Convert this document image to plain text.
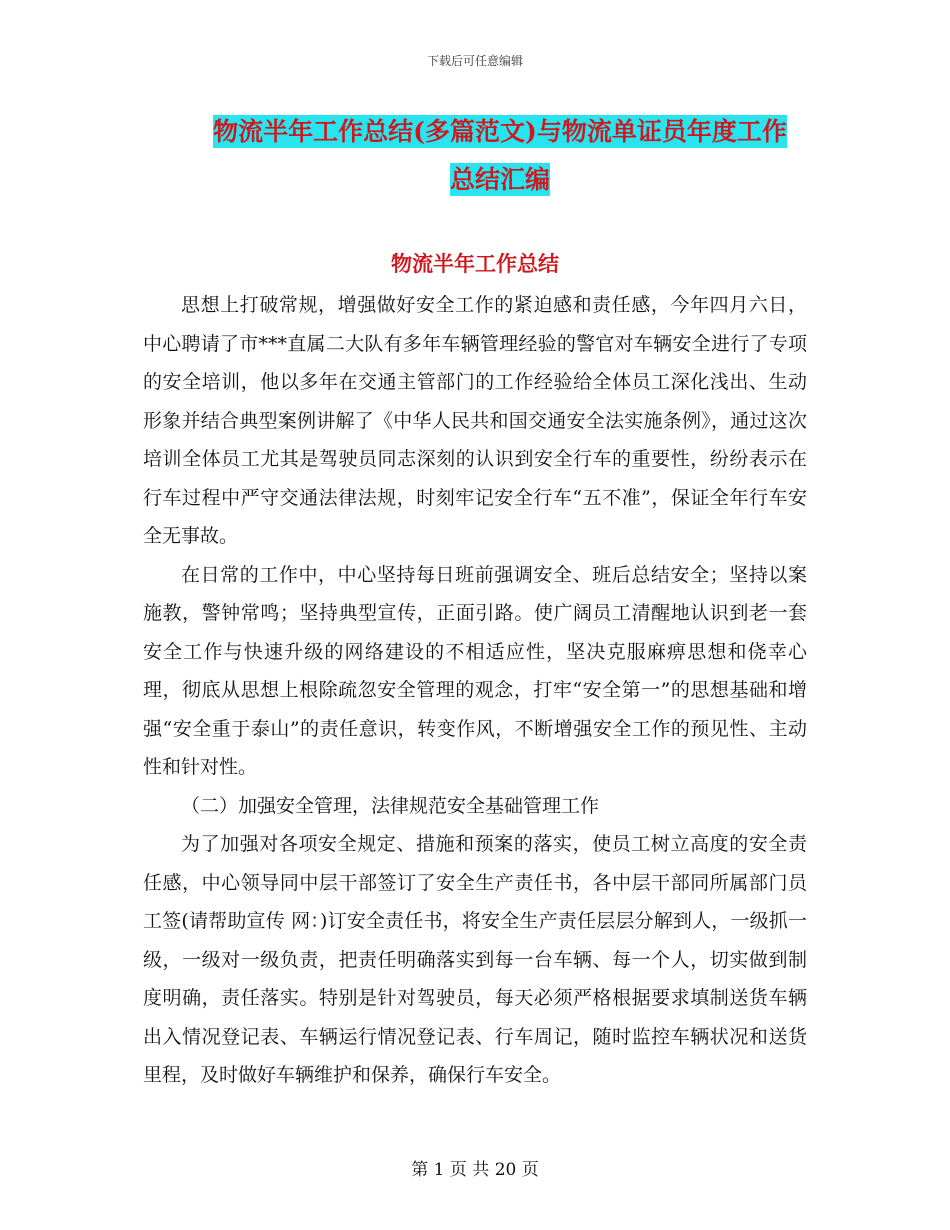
下载后可任意编辑
物流半年工作总结(多篇范文)与物流单证员年度工作
总结汇编
物流半年工作总结

思想上打破常规，增强做好安全工作的紧迫感和责任感，今年四月六日，中心聘请了市***直属二大队有多年车辆管理经验的警官对车辆安全进行了专项的安全培训，他以多年在交通主管部门的工作经验给全体员工深化浅出、生动形象并结合典型案例讲解了《中华人民共和国交通安全法实施条例》，通过这次培训全体员工尤其是驾驶员同志深刻的认识到安全行车的重要性，纷纷表示在行车过程中严守交通法律法规，时刻牢记安全行车“五不准”，保证全年行车安全无事故。

在日常的工作中，中心坚持每日班前强调安全、班后总结安全；坚持以案施教，警钟常鸣；坚持典型宣传，正面引路。使广阔员工清醒地认识到老一套安全工作与快速升级的网络建设的不相适应性，坚决克服麻痹思想和侥幸心理，彻底从思想上根除疏忽安全管理的观念，打牢“安全第一”的思想基础和增强“安全重于泰山”的责任意识，转变作风，不断增强安全工作的预见性、主动性和针对性。

（二）加强安全管理，法律规范安全基础管理工作

为了加强对各项安全规定、措施和预案的落实，使员工树立高度的安全责任感，中心领导同中层干部签订了安全生产责任书，各中层干部同所属部门员工签(请帮助宣传 网：)订安全责任书，将安全生产责任层层分解到人，一级抓一级，一级对一级负责，把责任明确落实到每一台车辆、每一个人，切实做到制度明确，责任落实。特别是针对驾驶员，每天必须严格根据要求填制送货车辆出入情况登记表、车辆运行情况登记表、行车周记，随时监控车辆状况和送货里程，及时做好车辆维护和保养，确保行车安全。

第 1 页 共 20 页
